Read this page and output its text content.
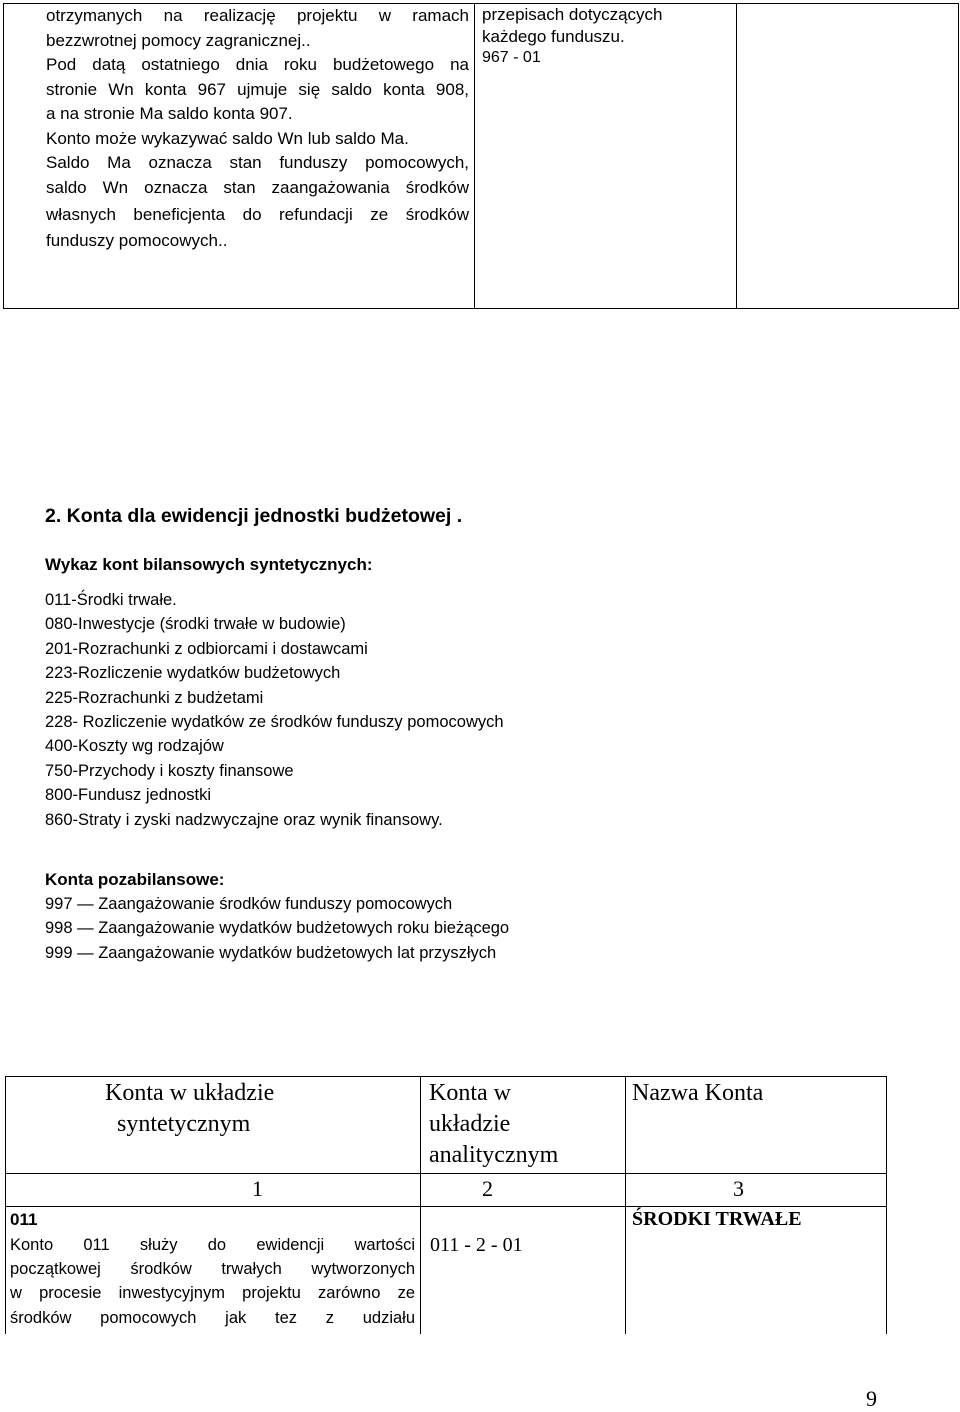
otrzymanych na realizację projektu w ramach
bezzwrotnej pomocy zagranicznej..
Pod datą ostatniego dnia roku budżetowego na
stronie Wn konta 967 ujmuje się saldo konta 908,
a na stronie Ma saldo konta 907.
Konto może wykazywać saldo Wn lub saldo Ma.
Saldo Ma oznacza stan funduszy pomocowych,
saldo Wn oznacza stan zaangażowania środków
własnych beneficjenta do refundacji ze środków
funduszy pomocowych..
przepisach dotyczących
każdego funduszu.
967 - 01
2. Konta dla ewidencji jednostki budżetowej .
Wykaz kont bilansowych syntetycznych:
011-Środki trwałe.
080-Inwestycje (środki trwałe w budowie)
201-Rozrachunki z odbiorcami i dostawcami
223-Rozliczenie wydatków budżetowych
225-Rozrachunki z budżetami
228- Rozliczenie wydatków ze środków funduszy pomocowych
400-Koszty wg rodzajów
750-Przychody i koszty finansowe
800-Fundusz jednostki
860-Straty i zyski nadzwyczajne oraz wynik finansowy.
Konta pozabilansowe:
997 — Zaangażowanie środków funduszy pomocowych
998 — Zaangażowanie wydatków budżetowych roku bieżącego
999 — Zaangażowanie wydatków budżetowych lat przyszłych
Konta w układzie
syntetycznym
Konta w
układzie
analitycznym
Nazwa Konta
1	2	3
011
Konto 011 służy do ewidencji wartości
początkowej środków trwałych wytworzonych
w procesie inwestycyjnym projektu zarówno ze
środków pomocowych jak tez z udziału
011 - 2 - 01
ŚRODKI TRWAŁE
9
